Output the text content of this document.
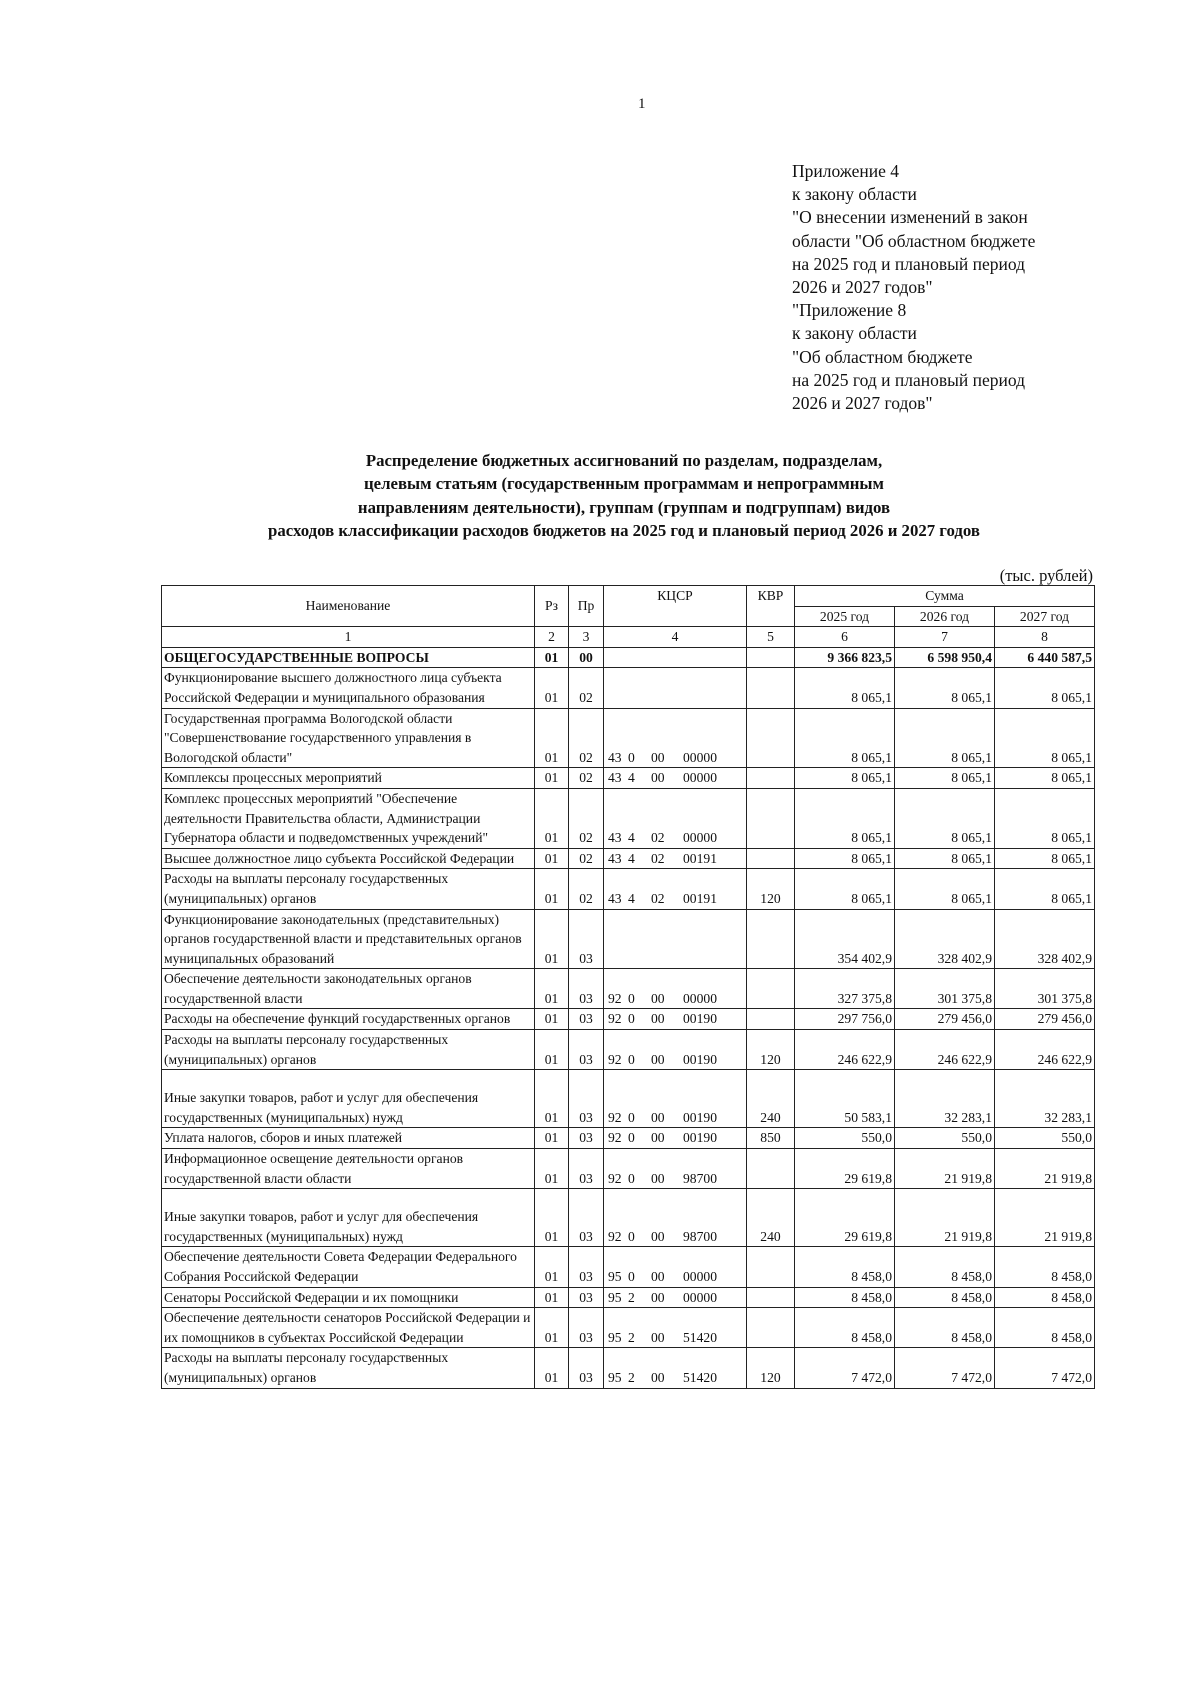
1
Приложение 4
к закону области
"О внесении изменений в закон
области "Об областном бюджете
на 2025 год и плановый период
2026 и 2027 годов"
"Приложение 8
к закону области
"Об областном бюджете
на 2025 год и плановый период
2026 и 2027 годов"
Распределение бюджетных ассигнований по разделам, подразделам,
целевым статьям (государственным программам и непрограммным
направлениям деятельности), группам (группам и подгруппам) видов
расходов классификации расходов бюджетов на 2025 год и плановый период 2026 и 2027 годов
(тыс. рублей)
Наименование	Рз	Пр	КЦСР	КВР	Сумма		
					2025 год	2026 год	2027 год
1	2	3	4	5	6	7	8
ОБЩЕГОСУДАРСТВЕННЫЕ ВОПРОСЫ	01	00			9 366 823,5	6 598 950,4	6 440 587,5
Функционирование высшего должностного лица субъекта Российской Федерации и муниципального образования	01	02			8 065,1	8 065,1	8 065,1
Государственная программа Вологодской области "Совершенствование государственного управления в Вологодской области"	01	02	43 0 00 00000		8 065,1	8 065,1	8 065,1
Комплексы процессных мероприятий	01	02	43 4 00 00000		8 065,1	8 065,1	8 065,1
Комплекс процессных мероприятий "Обеспечение деятельности Правительства области, Администрации Губернатора области и подведомственных учреждений"	01	02	43 4 02 00000		8 065,1	8 065,1	8 065,1
Высшее должностное лицо субъекта Российской Федерации	01	02	43 4 02 00191		8 065,1	8 065,1	8 065,1
Расходы на выплаты персоналу государственных (муниципальных) органов	01	02	43 4 02 00191	120	8 065,1	8 065,1	8 065,1
Функционирование законодательных (представительных) органов государственной власти и представительных органов муниципальных образований	01	03			354 402,9	328 402,9	328 402,9
Обеспечение деятельности законодательных органов государственной власти	01	03	92 0 00 00000		327 375,8	301 375,8	301 375,8
Расходы на обеспечение функций государственных органов	01	03	92 0 00 00190		297 756,0	279 456,0	279 456,0
Расходы на выплаты персоналу государственных (муниципальных) органов	01	03	92 0 00 00190	120	246 622,9	246 622,9	246 622,9
Иные закупки товаров, работ и услуг для обеспечения государственных (муниципальных) нужд	01	03	92 0 00 00190	240	50 583,1	32 283,1	32 283,1
Уплата налогов, сборов и иных платежей	01	03	92 0 00 00190	850	550,0	550,0	550,0
Информационное освещение деятельности органов государственной власти области	01	03	92 0 00 98700		29 619,8	21 919,8	21 919,8
Иные закупки товаров, работ и услуг для обеспечения государственных (муниципальных) нужд	01	03	92 0 00 98700	240	29 619,8	21 919,8	21 919,8
Обеспечение деятельности Совета Федерации Федерального Собрания Российской Федерации	01	03	95 0 00 00000		8 458,0	8 458,0	8 458,0
Сенаторы Российской Федерации и их помощники	01	03	95 2 00 00000		8 458,0	8 458,0	8 458,0
Обеспечение деятельности сенаторов Российской Федерации и их помощников в субъектах Российской Федерации	01	03	95 2 00 51420		8 458,0	8 458,0	8 458,0
Расходы на выплаты персоналу государственных (муниципальных) органов	01	03	95 2 00 51420	120	7 472,0	7 472,0	7 472,0
